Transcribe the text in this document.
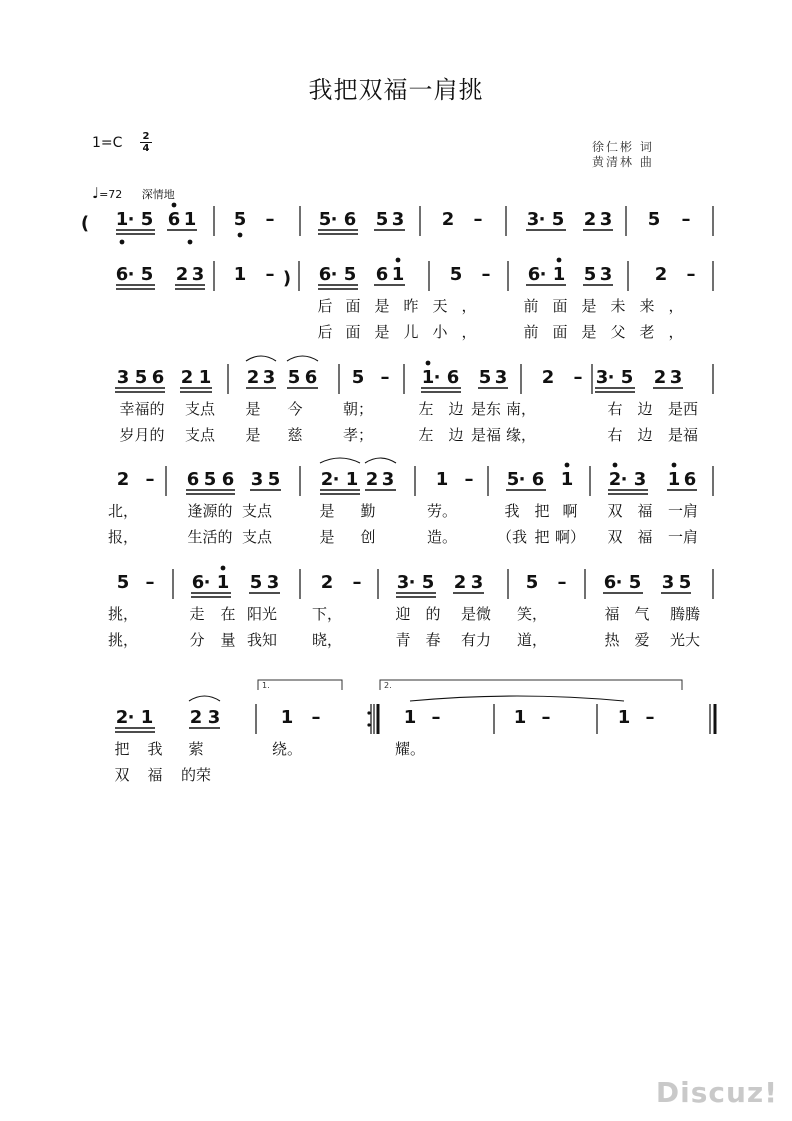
我把双福一肩挑
$1=C \frac{2}{4}$	徐仁彬 词
黄清林 曲
♩=72 深情地
( 1 · 5 6 1 5 – 5 · 6 5 3 2 – 3 · 5 2 3 5 –
6 · 5 2 3 1 – ) 6 · 5 6 1	5 – 6 · 1 5 3 2 –
后 面 是 昨 天 ，	前 面 是 未 来 ，
后 面 是 儿 小 ，	前 面 是 父 老 ，
3 5 6 2 1 2 3 5 6 5 – 1 · 6 5 3 2 – 3 · 5 2 3
幸福的 支点 是 今	朝；	左 边 是东 南，	右 边 是西
岁月的 支点 是 慈	孝；	左 边 是福 缘，	右 边 是福
2 – 6 5 6 3 5 2 · 1 2 3 1 – 5 · 6 1 2 · 3 1 6
北，	逢源的 支点	是 勤	劳。	我 把 啊 双 福 一肩
报，	生活的 支点	是 创	造。	（我 把 啊） 双 福 一肩
5 – 6 · 1 5 3 2 – 3 · 5 2 3 5 – 6 · 5 3 5
挑，	走 在 阳光 下，	迎 的 是微 笑，	福 气 腾腾
挑，	分 量 我知 晓，	青 春 有力 道，	热 爱 光大
2 · 1 2 3	1 –	1 –	1 –	1 –
1.	2.
把 我 萦	绕。	耀。
双 福 的荣
Discuz!
